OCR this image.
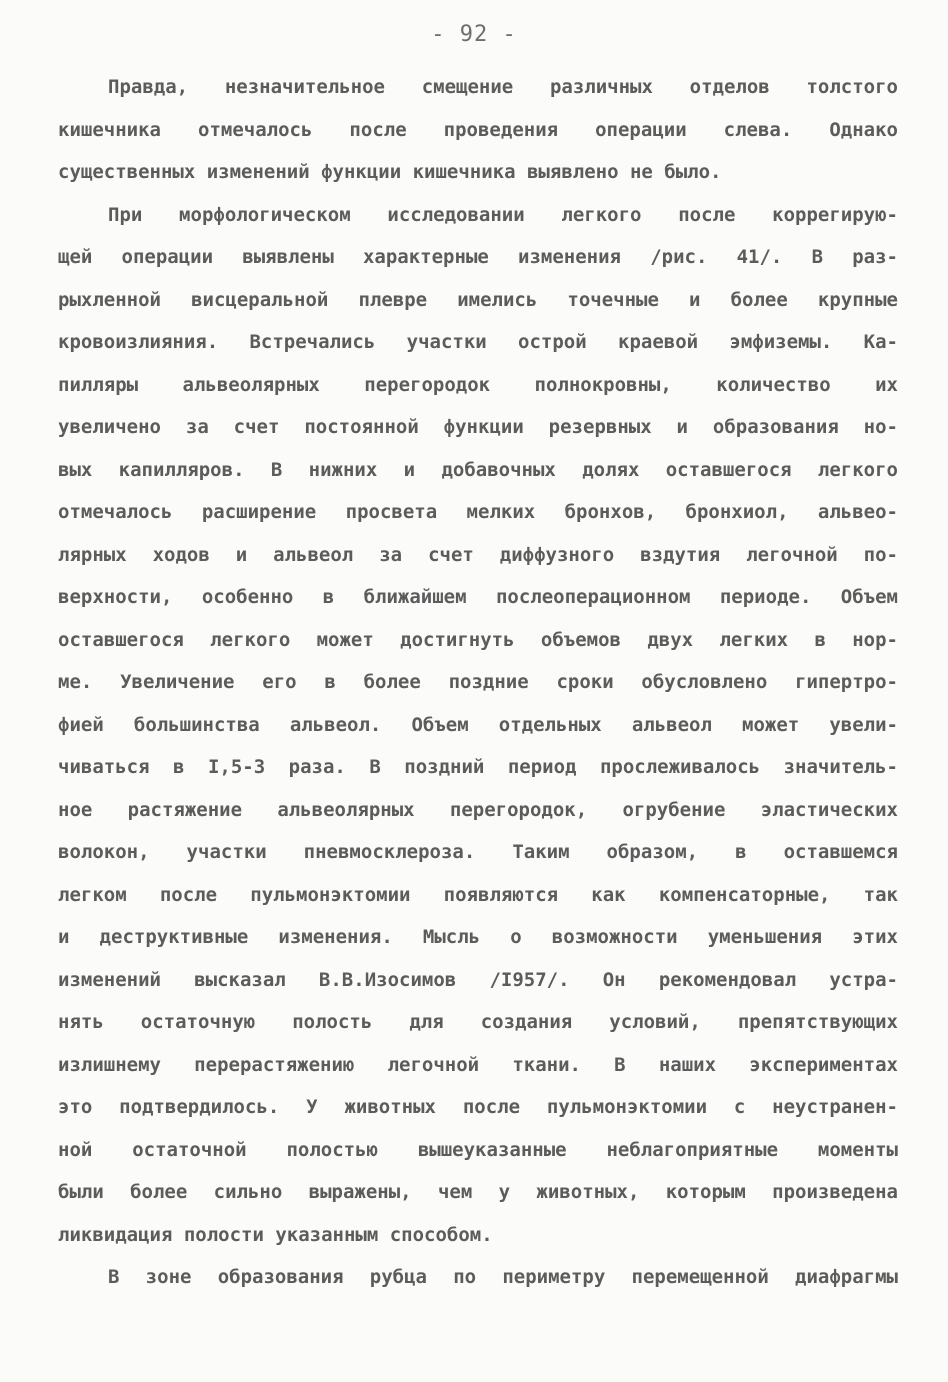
- 92 -
Правда, незначительное смещение различных отделов толстого
кишечника отмечалось после проведения операции слева. Однако
существенных изменений функции кишечника выявлено не было.
При морфологическом исследовании легкого после коррегирую-
щей операции выявлены характерные изменения /рис. 41/. В раз-
рыхленной висцеральной плевре имелись точечные и более крупные
кровоизлияния. Встречались участки острой краевой эмфиземы. Ка-
пилляры альвеолярных перегородок полнокровны, количество их
увеличено за счет постоянной функции резервных и образования но-
вых капилляров. В нижних и добавочных долях оставшегося легкого
отмечалось расширение просвета мелких бронхов, бронхиол, альвео-
лярных ходов и альвеол за счет диффузного вздутия легочной по-
верхности, особенно в ближайшем послеоперационном периоде. Объем
оставшегося легкого может достигнуть объемов двух легких в нор-
ме. Увеличение его в более поздние сроки обусловлено гипертро-
фией большинства альвеол. Объем отдельных альвеол может увели-
чиваться в I,5-3 раза. В поздний период прослеживалось значитель-
ное растяжение альвеолярных перегородок, огрубение эластических
волокон, участки пневмосклероза. Таким образом, в оставшемся
легком после пульмонэктомии появляются как компенсаторные, так
и деструктивные изменения. Мысль о возможности уменьшения этих
изменений высказал В.В.Изосимов /I957/. Он рекомендовал устра-
нять остаточную полость для создания условий, препятствующих
излишнему перерастяжению легочной ткани. В наших экспериментах
это подтвердилось. У животных после пульмонэктомии с неустранен-
ной остаточной полостью вышеуказанные неблагоприятные моменты
были более сильно выражены, чем у животных, которым произведена
ликвидация полости указанным способом.
В зоне образования рубца по периметру перемещенной диафрагмы
